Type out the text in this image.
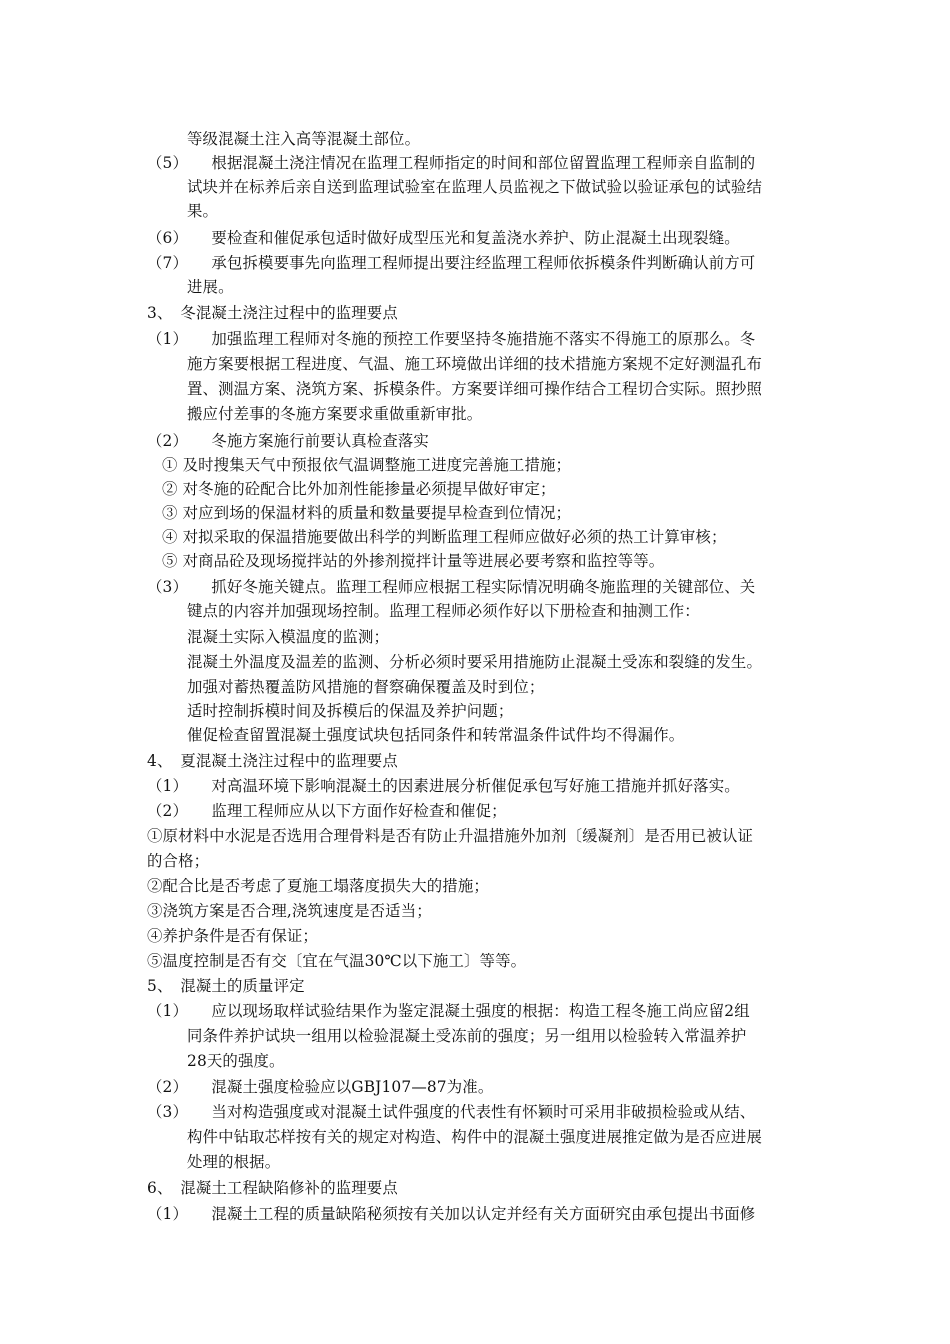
等级混凝土注入高等混凝土部位。
（5）　　根据混凝土浇注情况在监理工程师指定的时间和部位留置监理工程师亲自监制的
试块并在标养后亲自送到监理试验室在监理人员监视之下做试验以验证承包的试验结
果。
（6）　　要检查和催促承包适时做好成型压光和复盖浇水养护、防止混凝土出现裂缝。
（7）　　承包拆模要事先向监理工程师提出要注经监理工程师依拆模条件判断确认前方可
进展。
3、　冬混凝土浇注过程中的监理要点
（1）　　加强监理工程师对冬施的预控工作要坚持冬施措施不落实不得施工的原那么。冬
施方案要根据工程进度、气温、施工环境做出详细的技术措施方案规不定好测温孔布
置、测温方案、浇筑方案、拆模条件。方案要详细可操作结合工程切合实际。照抄照
搬应付差事的冬施方案要求重做重新审批。
（2）　　冬施方案施行前要认真检查落实
① 及时搜集天气中预报依气温调整施工进度完善施工措施；
② 对冬施的砼配合比外加剂性能掺量必须提早做好审定；
③ 对应到场的保温材料的质量和数量要提早检查到位情况；
④ 对拟采取的保温措施要做出科学的判断监理工程师应做好必须的热工计算审核；
⑤ 对商品砼及现场搅拌站的外掺剂搅拌计量等进展必要考察和监控等等。
（3）　　抓好冬施关键点。监理工程师应根据工程实际情况明确冬施监理的关键部位、关
键点的内容并加强现场控制。监理工程师必须作好以下册检查和抽测工作：
混凝土实际入模温度的监测；
混凝土外温度及温差的监测、分析必须时要采用措施防止混凝土受冻和裂缝的发生。
加强对蓄热覆盖防风措施的督察确保覆盖及时到位；
适时控制拆模时间及拆模后的保温及养护问题；
催促检查留置混凝土强度试块包括同条件和转常温条件试件均不得漏作。
4、　夏混凝土浇注过程中的监理要点
（1）　　对高温环境下影响混凝土的因素进展分析催促承包写好施工措施并抓好落实。
（2）　　监理工程师应从以下方面作好检查和催促；
①原材料中水泥是否选用合理骨料是否有防止升温措施外加剂〔缓凝剂〕是否用已被认证
的合格；
②配合比是否考虑了夏施工塌落度损失大的措施；
③浇筑方案是否合理,浇筑速度是否适当；
④养护条件是否有保证；
⑤温度控制是否有交〔宜在气温30℃以下施工〕等等。
5、　混凝土的质量评定
（1）　　应以现场取样试验结果作为鉴定混凝土强度的根据：构造工程冬施工尚应留2组
同条件养护试块一组用以检验混凝土受冻前的强度；另一组用以检验转入常温养护
28天的强度。
（2）　　混凝土强度检验应以GBJ107—87为准。
（3）　　当对构造强度或对混凝土试件强度的代表性有怀颖时可采用非破损检验或从结、
构件中钻取芯样按有关的规定对构造、构件中的混凝土强度进展推定做为是否应进展
处理的根据。
6、　混凝土工程缺陷修补的监理要点
（1）　　混凝土工程的质量缺陷秘须按有关加以认定并经有关方面研究由承包提出书面修
